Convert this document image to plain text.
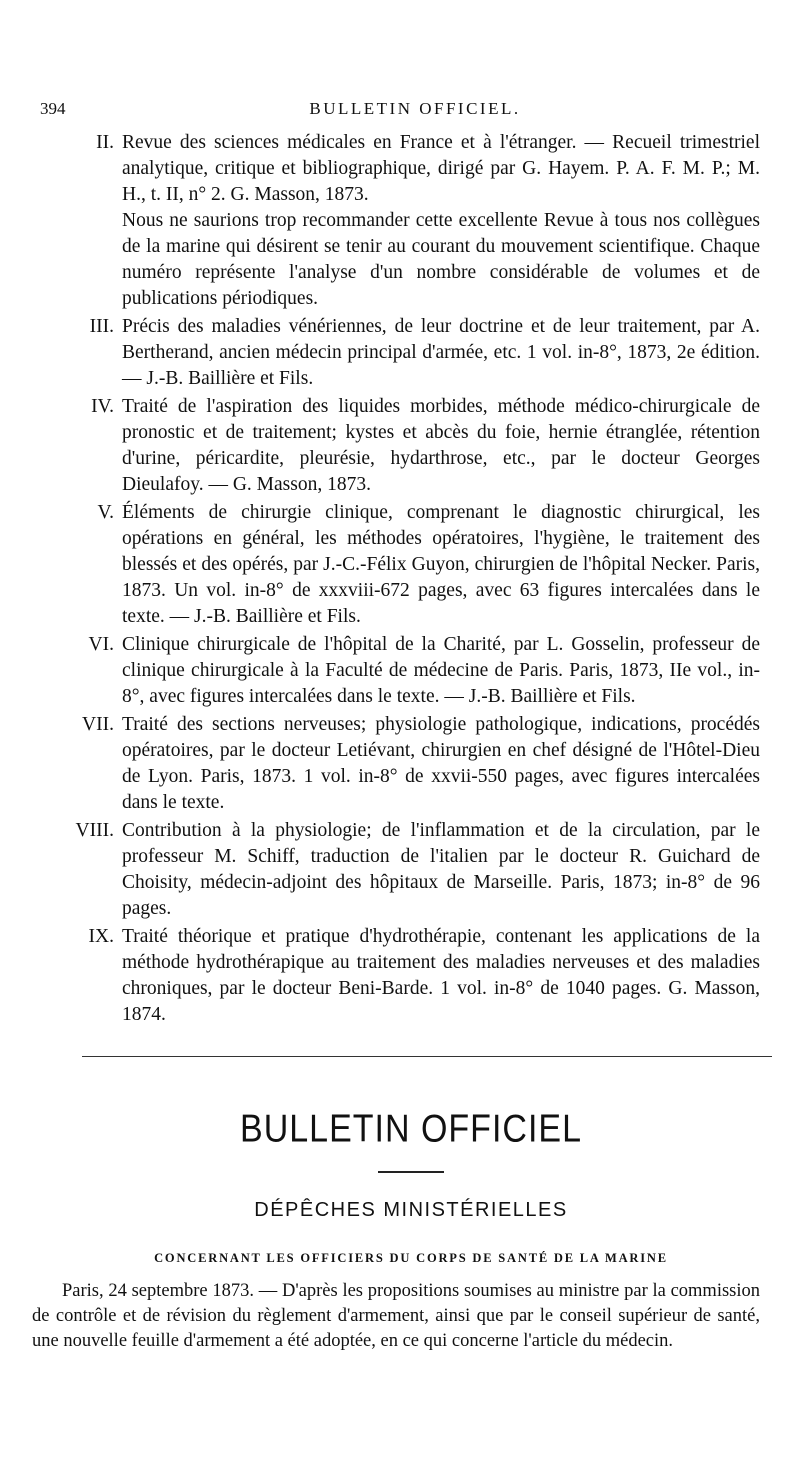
394	BULLETIN OFFICIEL.
II. Revue des sciences médicales en France et à l'étranger. — Recueil trimestriel analytique, critique et bibliographique, dirigé par G. Hayem. P. A. F. M. P.; M. H., t. II, n° 2. G. Masson, 1873.
Nous ne saurions trop recommander cette excellente Revue à tous nos collègues de la marine qui désirent se tenir au courant du mouvement scientifique. Chaque numéro représente l'analyse d'un nombre considérable de volumes et de publications périodiques.
III. Précis des maladies vénériennes, de leur doctrine et de leur traitement, par A. Bertherand, ancien médecin principal d'armée, etc. 1 vol. in-8°, 1873, 2e édition. — J.-B. Baillière et Fils.
IV. Traité de l'aspiration des liquides morbides, méthode médico-chirurgicale de pronostic et de traitement; kystes et abcès du foie, hernie étranglée, rétention d'urine, péricardite, pleurésie, hydarthrose, etc., par le docteur Georges Dieulafoy. — G. Masson, 1873.
V. Éléments de chirurgie clinique, comprenant le diagnostic chirurgical, les opérations en général, les méthodes opératoires, l'hygiène, le traitement des blessés et des opérés, par J.-C.-Félix Guyon, chirurgien de l'hôpital Necker. Paris, 1873. Un vol. in-8° de xxxviii-672 pages, avec 63 figures intercalées dans le texte. — J.-B. Baillière et Fils.
VI. Clinique chirurgicale de l'hôpital de la Charité, par L. Gosselin, professeur de clinique chirurgicale à la Faculté de médecine de Paris. Paris, 1873, IIe vol., in-8°, avec figures intercalées dans le texte. — J.-B. Baillière et Fils.
VII. Traité des sections nerveuses; physiologie pathologique, indications, procédés opératoires, par le docteur Letiévant, chirurgien en chef désigné de l'Hôtel-Dieu de Lyon. Paris, 1873. 1 vol. in-8° de xxvii-550 pages, avec figures intercalées dans le texte.
VIII. Contribution à la physiologie; de l'inflammation et de la circulation, par le professeur M. Schiff, traduction de l'italien par le docteur R. Guichard de Choisity, médecin-adjoint des hôpitaux de Marseille. Paris, 1873; in-8° de 96 pages.
IX. Traité théorique et pratique d'hydrothérapie, contenant les applications de la méthode hydrothérapique au traitement des maladies nerveuses et des maladies chroniques, par le docteur Beni-Barde. 1 vol. in-8° de 1040 pages. G. Masson, 1874.
BULLETIN OFFICIEL
DÉPÊCHES MINISTÉRIELLES
CONCERNANT LES OFFICIERS DU CORPS DE SANTÉ DE LA MARINE
Paris, 24 septembre 1873. — D'après les propositions soumises au ministre par la commission de contrôle et de révision du règlement d'armement, ainsi que par le conseil supérieur de santé, une nouvelle feuille d'armement a été adoptée, en ce qui concerne l'article du médecin.
